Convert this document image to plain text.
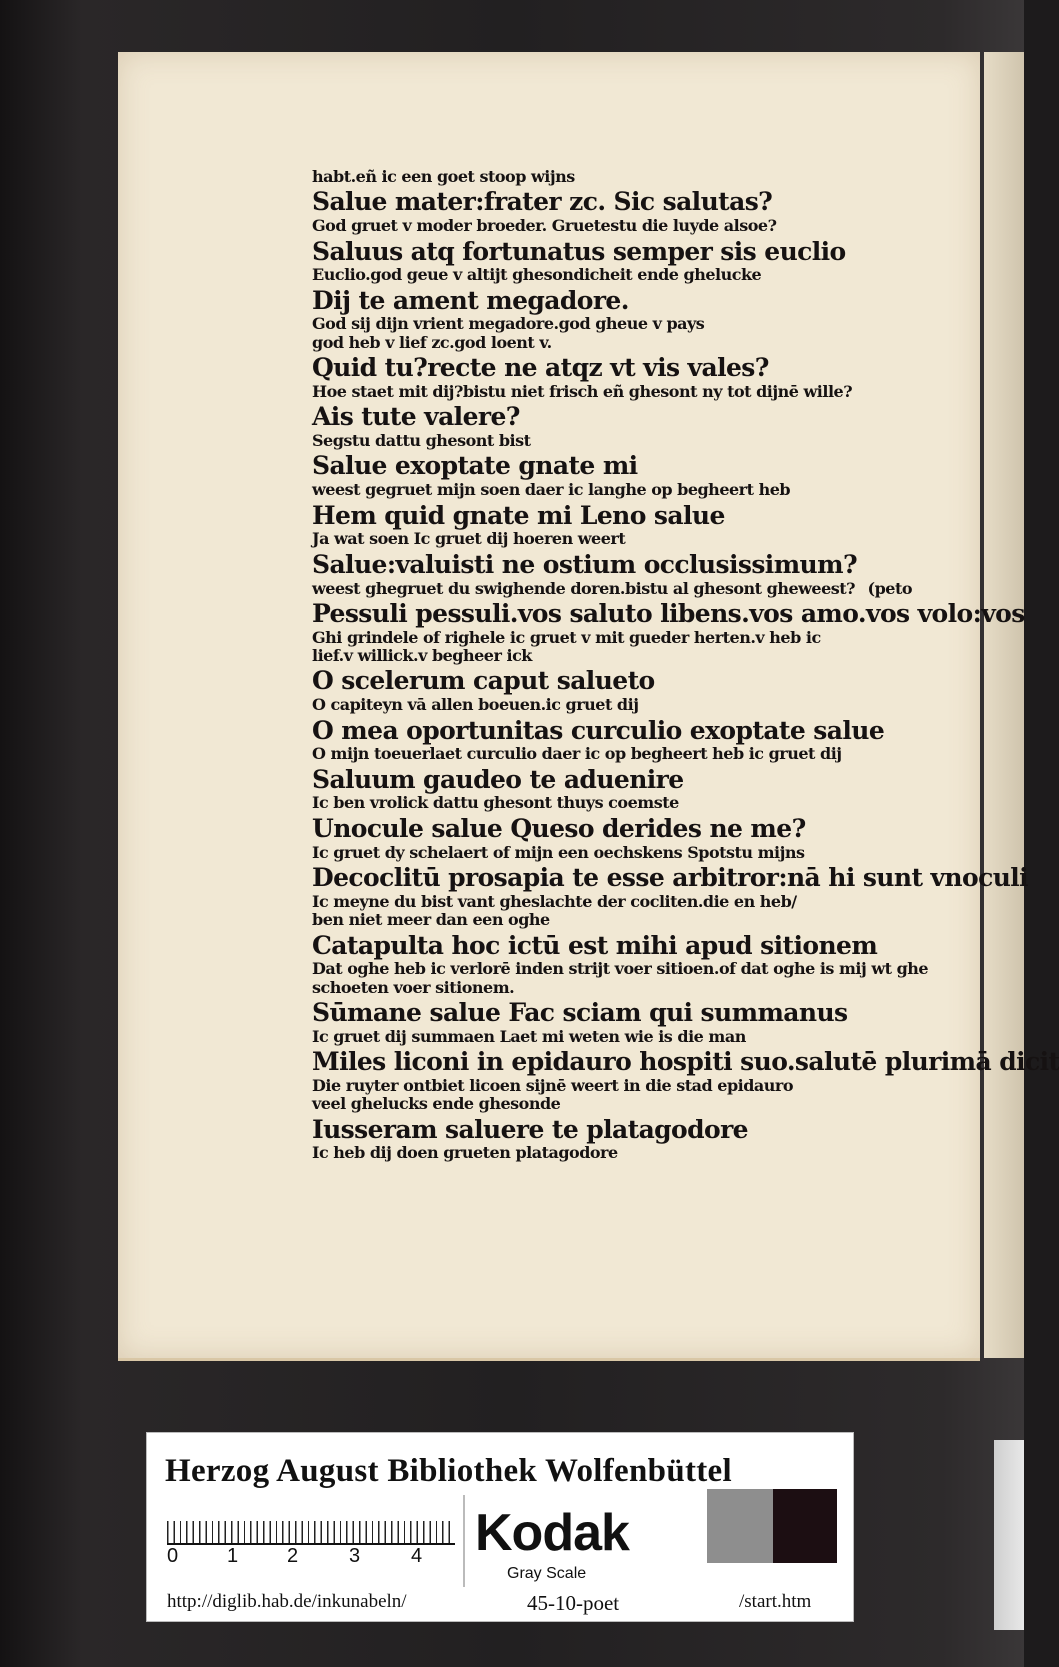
habt.eñ ic een goet stoop wijns
Salue mater:frater zc. Sic salutas?
God gruet v moder broeder. Gruetestu die luyde alsoe?
Saluus atq fortunatus semper sis euclio
Euclio.god geue v altijt ghesondicheit ende ghelucke
Dij te ament megadore.
God sij dijn vrient megadore.god gheue v pays
god heb v lief zc.god loent v.
Quid tu?recte ne atqz vt vis vales?
Hoe staet mit dij?bistu niet frisch eñ ghesont ny tot dijnē wille?
Ais tute valere?
Segstu dattu ghesont bist
Salue exoptate gnate mi
weest gegruet mijn soen daer ic langhe op begheert heb
Hem quid gnate mi Leno salue
Ja wat soen Ic gruet dij hoeren weert
Salue:valuisti ne ostium occlusissimum?
weest ghegruet du swighende doren.bistu al ghesont gheweest? (peto
Pessuli pessuli.vos saluto libens.vos amo.vos volo:vos
Ghi grindele of righele ic gruet v mit gueder herten.v heb ic
lief.v willick.v begheer ick
O scelerum caput salueto
O capiteyn vā allen boeuen.ic gruet dij
O mea oportunitas curculio exoptate salue
O mijn toeuerlaet curculio daer ic op begheert heb ic gruet dij
Saluum gaudeo te aduenire
Ic ben vrolick dattu ghesont thuys coemste
Unocule salue Queso derides ne me?
Ic gruet dy schelaert of mijn een oechskens Spotstu mijns
Decoclitū prosapia te esse arbitror:nā hi sunt vnoculi
Ic meyne du bist vant gheslachte der cocliten.die en heb/
ben niet meer dan een oghe
Catapulta hoc ictū est mihi apud sitionem
Dat oghe heb ic verlorē inden strijt voer sitioen.of dat oghe is mij wt ghe
schoeten voer sitionem.
Sūmane salue Fac sciam qui summanus
Ic gruet dij summaen Laet mi weten wie is die man
Miles liconi in epidauro hospiti suo.salutē plurimā dicit
Die ruyter ontbiet licoen sijnē weert in die stad epidauro
veel ghelucks ende ghesonde
Iusseram saluere te platagodore
Ic heb dij doen grueten platagodore
Herzog August Bibliothek Wolfenbüttel
0 1 2	3	4 Kodak
Gray Scale
http://diglib.hab.de/inkunabeln/	45-10-poet	/start.htm
